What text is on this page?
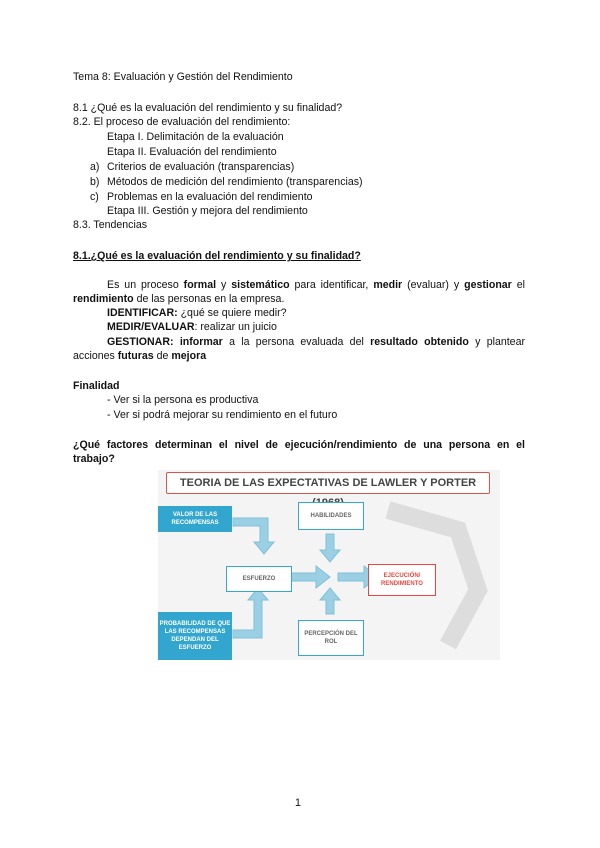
Tema 8: Evaluación y Gestión del Rendimiento
8.1 ¿Qué es la evaluación del rendimiento y su finalidad?
8.2. El proceso de evaluación del rendimiento:
Etapa I. Delimitación de la evaluación
Etapa II. Evaluación del rendimiento
a) Criterios de evaluación (transparencias)
b) Métodos de medición del rendimiento (transparencias)
c) Problemas en la evaluación del rendimiento
Etapa III. Gestión y mejora del rendimiento
8.3. Tendencias
8.1.¿Qué es la evaluación del rendimiento y su finalidad?
Es un proceso formal y sistemático para identificar, medir (evaluar) y gestionar el rendimiento de las personas en la empresa.
IDENTIFICAR: ¿qué se quiere medir?
MEDIR/EVALUAR: realizar un juicio
GESTIONAR: informar a la persona evaluada del resultado obtenido y plantear acciones futuras de mejora
Finalidad
- Ver si la persona es productiva
- Ver si podrá mejorar su rendimiento en el futuro
¿Qué factores determinan el nivel de ejecución/rendimiento de una persona en el trabajo?
TEORIA DE LAS EXPECTATIVAS DE LAWLER Y PORTER
VALOR DE LAS RECOMPENSAS
HABILIDADES
ESFUERZO	EJECUCIÓN/ RENDIMIENTO
PROBABILIDAD DE QUE LAS RECOMPENSAS DEPENDAN DEL ESFUERZO
PERCEPCIÓN DEL ROL
1
